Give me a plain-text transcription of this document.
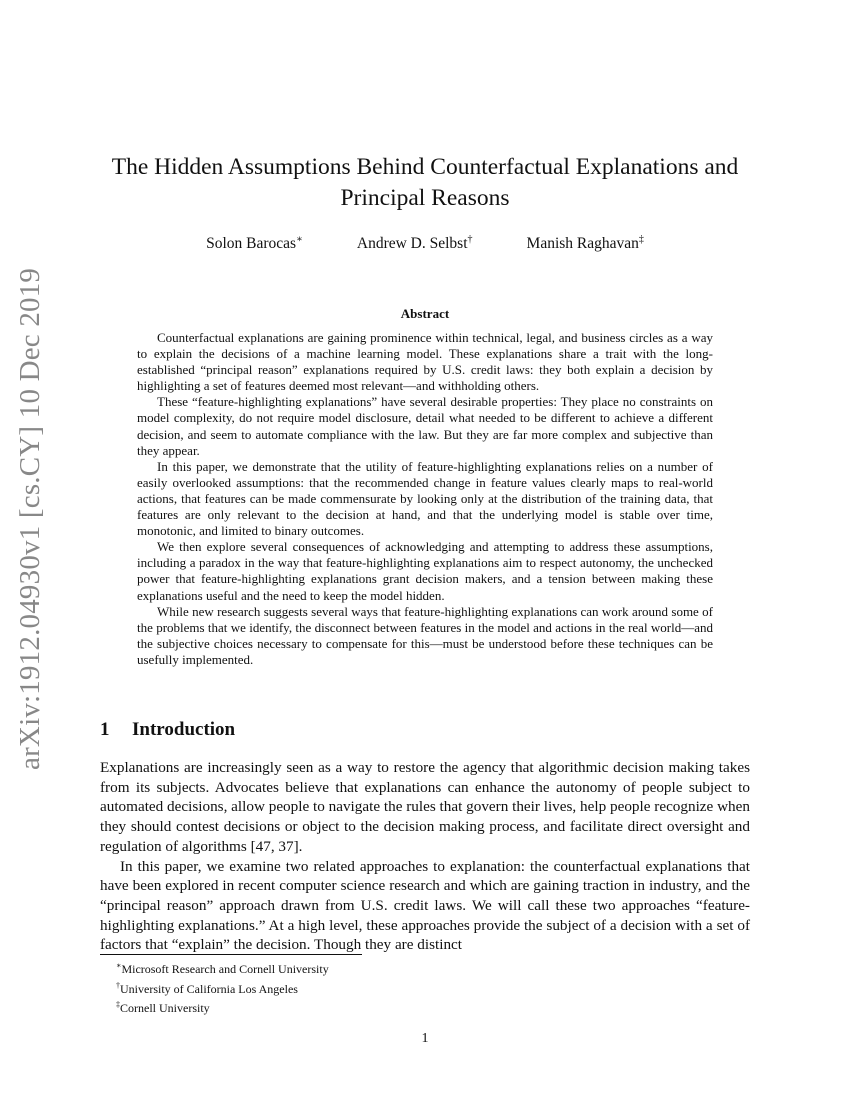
arXiv:1912.04930v1 [cs.CY] 10 Dec 2019
The Hidden Assumptions Behind Counterfactual Explanations and Principal Reasons
Solon Barocas∗	Andrew D. Selbst†	Manish Raghavan‡
Abstract

Counterfactual explanations are gaining prominence within technical, legal, and business circles as a way to explain the decisions of a machine learning model. These explanations share a trait with the long-established “principal reason” explanations required by U.S. credit laws: they both explain a decision by highlighting a set of features deemed most relevant—and withholding others.

These “feature-highlighting explanations” have several desirable properties: They place no constraints on model complexity, do not require model disclosure, detail what needed to be different to achieve a different decision, and seem to automate compliance with the law. But they are far more complex and subjective than they appear.

In this paper, we demonstrate that the utility of feature-highlighting explanations relies on a number of easily overlooked assumptions: that the recommended change in feature values clearly maps to real-world actions, that features can be made commensurate by looking only at the distribution of the training data, that features are only relevant to the decision at hand, and that the underlying model is stable over time, monotonic, and limited to binary outcomes.

We then explore several consequences of acknowledging and attempting to address these assumptions, including a paradox in the way that feature-highlighting explanations aim to respect autonomy, the unchecked power that feature-highlighting explanations grant decision makers, and a tension between making these explanations useful and the need to keep the model hidden.

While new research suggests several ways that feature-highlighting explanations can work around some of the problems that we identify, the disconnect between features in the model and actions in the real world—and the subjective choices necessary to compensate for this—must be understood before these techniques can be usefully implemented.

1 Introduction

Explanations are increasingly seen as a way to restore the agency that algorithmic decision making takes from its subjects. Advocates believe that explanations can enhance the autonomy of people subject to automated decisions, allow people to navigate the rules that govern their lives, help people recognize when they should contest decisions or object to the decision making process, and facilitate direct oversight and regulation of algorithms [47, 37].

In this paper, we examine two related approaches to explanation: the counterfactual explanations that have been explored in recent computer science research and which are gaining traction in industry, and the “principal reason” approach drawn from U.S. credit laws. We will call these two approaches “feature-highlighting explanations.” At a high level, these approaches provide the subject of a decision with a set of factors that “explain” the decision. Though they are distinct

∗Microsoft Research and Cornell University
†University of California Los Angeles
‡Cornell University
1
